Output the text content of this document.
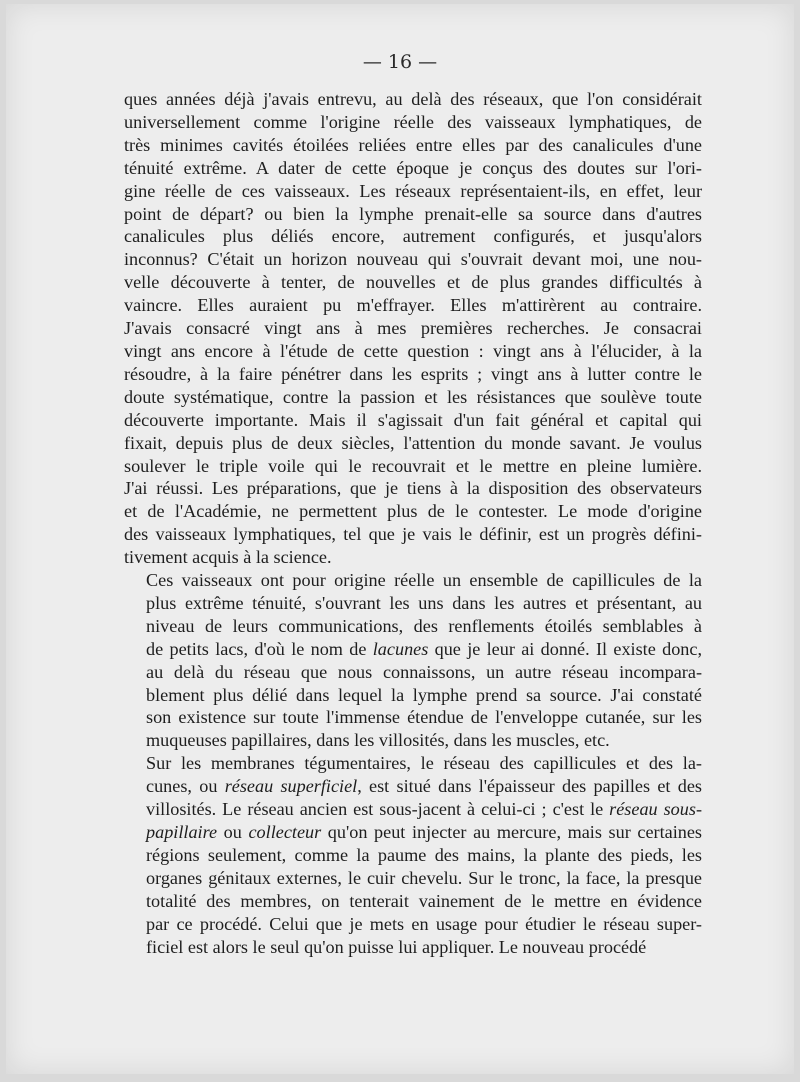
— 16 —

ques années déjà j'avais entrevu, au delà des réseaux, que l'on considérait
universellement comme l'origine réelle des vaisseaux lymphatiques, de
très minimes cavités étoilées reliées entre elles par des canalicules d'une
ténuité extrême. A dater de cette époque je conçus des doutes sur l'ori-
gine réelle de ces vaisseaux. Les réseaux représentaient-ils, en effet, leur
point de départ? ou bien la lymphe prenait-elle sa source dans d'autres
canalicules plus déliés encore, autrement configurés, et jusqu'alors
inconnus? C'était un horizon nouveau qui s'ouvrait devant moi, une nou-
velle découverte à tenter, de nouvelles et de plus grandes difficultés à
vaincre. Elles auraient pu m'effrayer. Elles m'attirèrent au contraire.
J'avais consacré vingt ans à mes premières recherches. Je consacrai
vingt ans encore à l'étude de cette question : vingt ans à l'élucider, à la
résoudre, à la faire pénétrer dans les esprits ; vingt ans à lutter contre le
doute systématique, contre la passion et les résistances que soulève toute
découverte importante. Mais il s'agissait d'un fait général et capital qui
fixait, depuis plus de deux siècles, l'attention du monde savant. Je voulus
soulever le triple voile qui le recouvrait et le mettre en pleine lumière.
J'ai réussi. Les préparations, que je tiens à la disposition des observateurs
et de l'Académie, ne permettent plus de le contester. Le mode d'origine
des vaisseaux lymphatiques, tel que je vais le définir, est un progrès défini-
tivement acquis à la science.

Ces vaisseaux ont pour origine réelle un ensemble de capillicules de la
plus extrême ténuité, s'ouvrant les uns dans les autres et présentant, au
niveau de leurs communications, des renflements étoilés semblables à
de petits lacs, d'où le nom de lacunes que je leur ai donné. Il existe donc,
au delà du réseau que nous connaissons, un autre réseau incompara-
blement plus délié dans lequel la lymphe prend sa source. J'ai constaté
son existence sur toute l'immense étendue de l'enveloppe cutanée, sur les
muqueuses papillaires, dans les villosités, dans les muscles, etc.

Sur les membranes tégumentaires, le réseau des capillicules et des la-
cunes, ou réseau superficiel, est situé dans l'épaisseur des papilles et des
villosités. Le réseau ancien est sous-jacent à celui-ci ; c'est le réseau sous-
papillaire ou collecteur qu'on peut injecter au mercure, mais sur certaines
régions seulement, comme la paume des mains, la plante des pieds, les
organes génitaux externes, le cuir chevelu. Sur le tronc, la face, la presque
totalité des membres, on tenterait vainement de le mettre en évidence
par ce procédé. Celui que je mets en usage pour étudier le réseau super-
ficiel est alors le seul qu'on puisse lui appliquer. Le nouveau procédé
